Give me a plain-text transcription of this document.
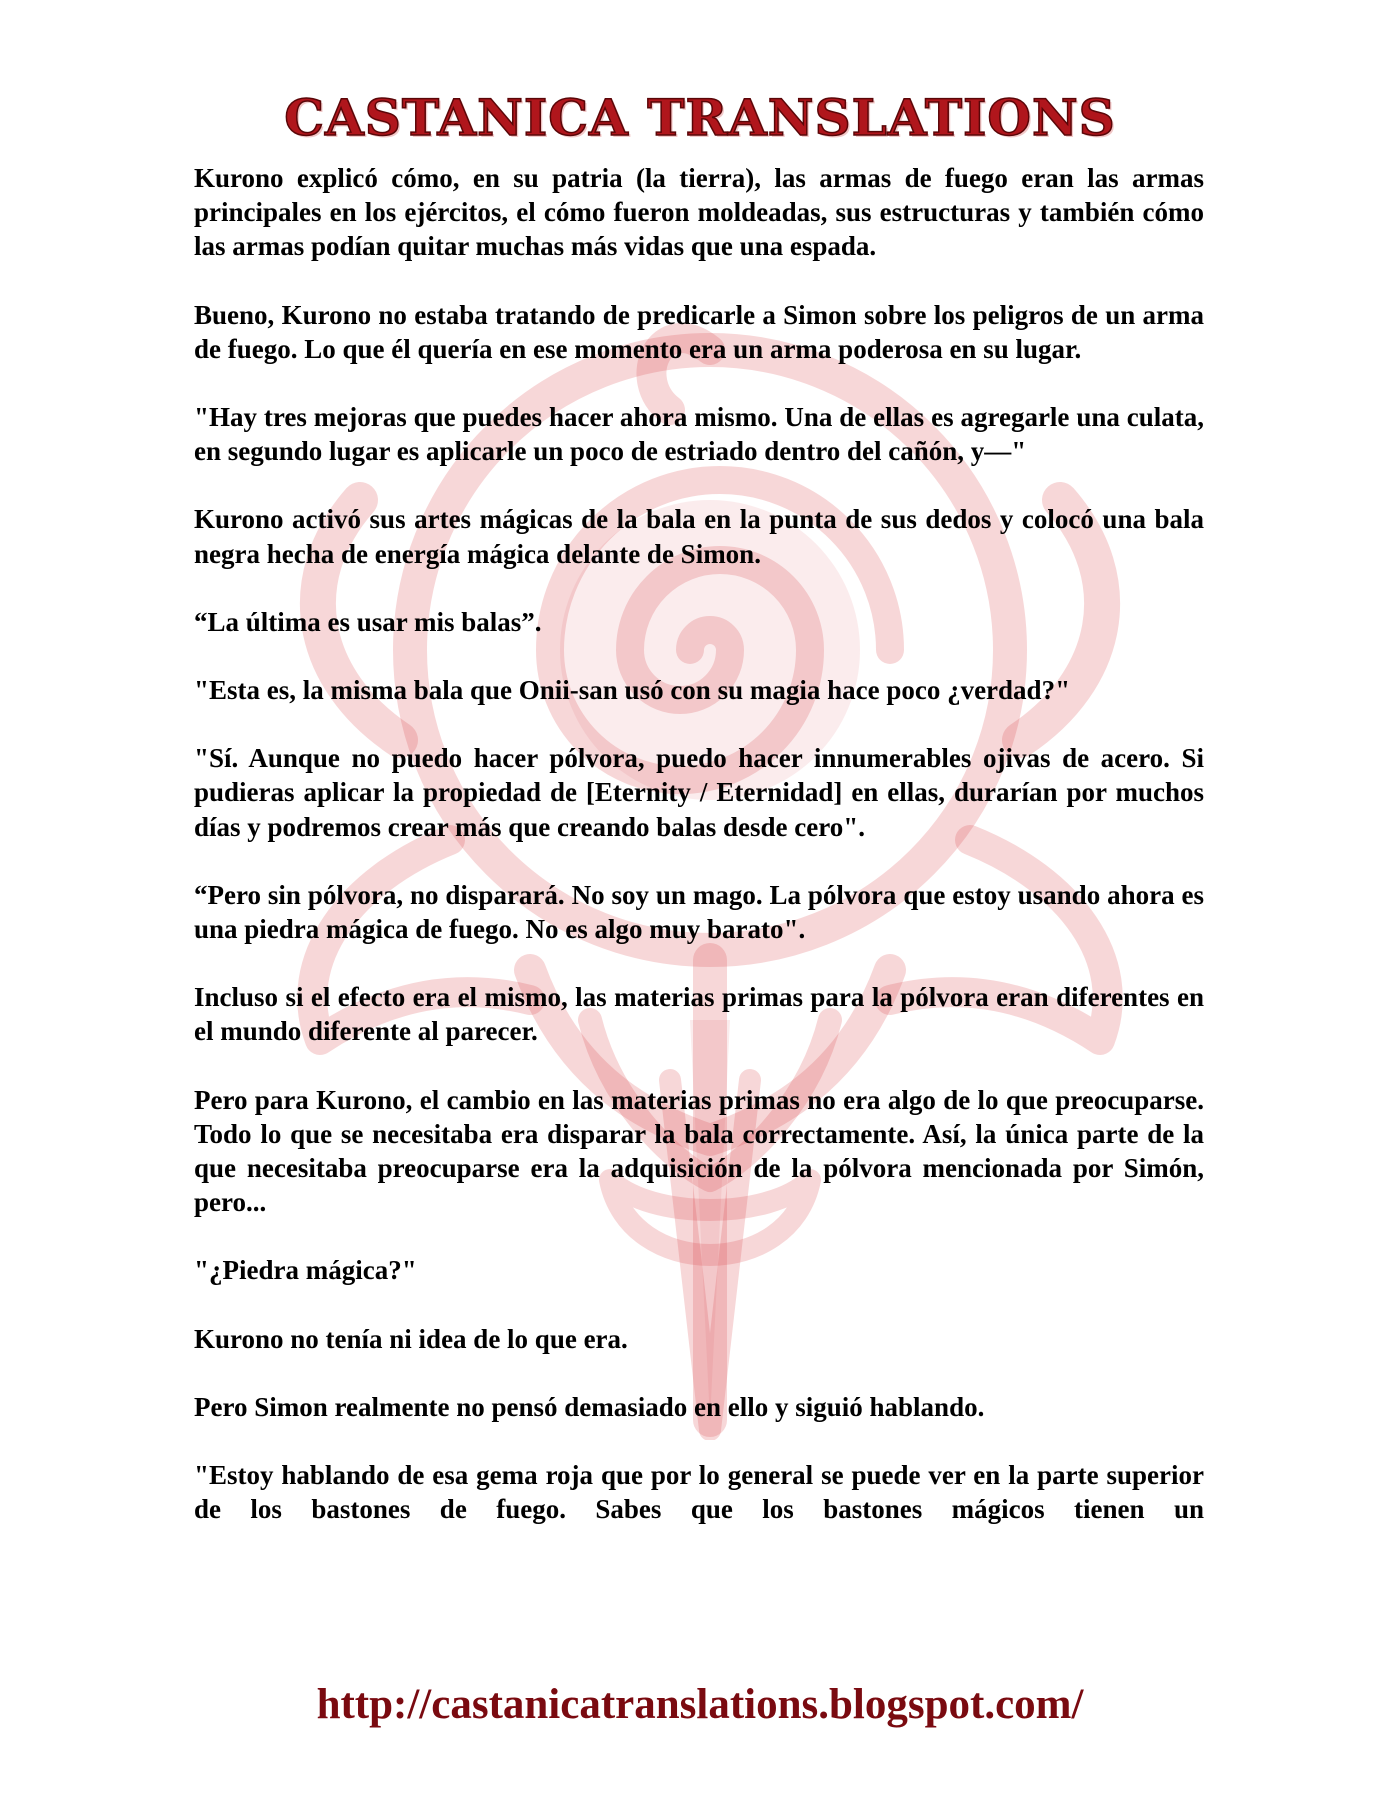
CASTANICA TRANSLATIONS

Kurono explicó cómo, en su patria (la tierra), las armas de fuego eran las armas principales en los ejércitos, el cómo fueron moldeadas, sus estructuras y también cómo las armas podían quitar muchas más vidas que una espada.

Bueno, Kurono no estaba tratando de predicarle a Simon sobre los peligros de un arma de fuego. Lo que él quería en ese momento era un arma poderosa en su lugar.

"Hay tres mejoras que puedes hacer ahora mismo. Una de ellas es agregarle una culata, en segundo lugar es aplicarle un poco de estriado dentro del cañón, y—"

Kurono activó sus artes mágicas de la bala en la punta de sus dedos y colocó una bala negra hecha de energía mágica delante de Simon.

“La última es usar mis balas”.

"Esta es, la misma bala que Onii-san usó con su magia hace poco ¿verdad?"

"Sí. Aunque no puedo hacer pólvora, puedo hacer innumerables ojivas de acero. Si pudieras aplicar la propiedad de [Eternity / Eternidad] en ellas, durarían por muchos días y podremos crear más que creando balas desde cero".

“Pero sin pólvora, no disparará. No soy un mago. La pólvora que estoy usando ahora es una piedra mágica de fuego. No es algo muy barato".

Incluso si el efecto era el mismo, las materias primas para la pólvora eran diferentes en el mundo diferente al parecer.

Pero para Kurono, el cambio en las materias primas no era algo de lo que preocuparse. Todo lo que se necesitaba era disparar la bala correctamente. Así, la única parte de la que necesitaba preocuparse era la adquisición de la pólvora mencionada por Simón, pero...

"¿Piedra mágica?"

Kurono no tenía ni idea de lo que era.

Pero Simon realmente no pensó demasiado en ello y siguió hablando.

"Estoy hablando de esa gema roja que por lo general se puede ver en la parte superior de los bastones de fuego. Sabes que los bastones mágicos tienen un

http://castanicatranslations.blogspot.com/
